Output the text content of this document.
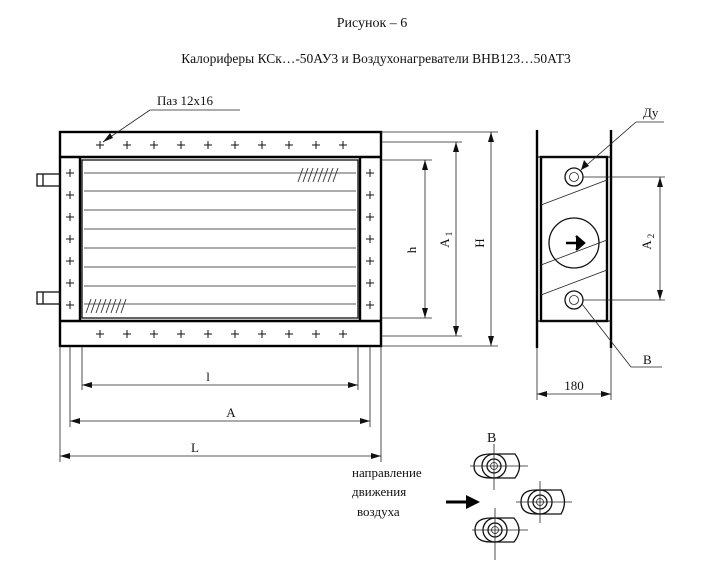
Рисунок – 6
Калориферы КСк…-50АУ3 и Воздухонагреватели ВНВ123…50АТ3
Паз 12х16
h
A
1
H
l
A
L
Ду
A
2
В
180
В
направление
движения
воздуха
